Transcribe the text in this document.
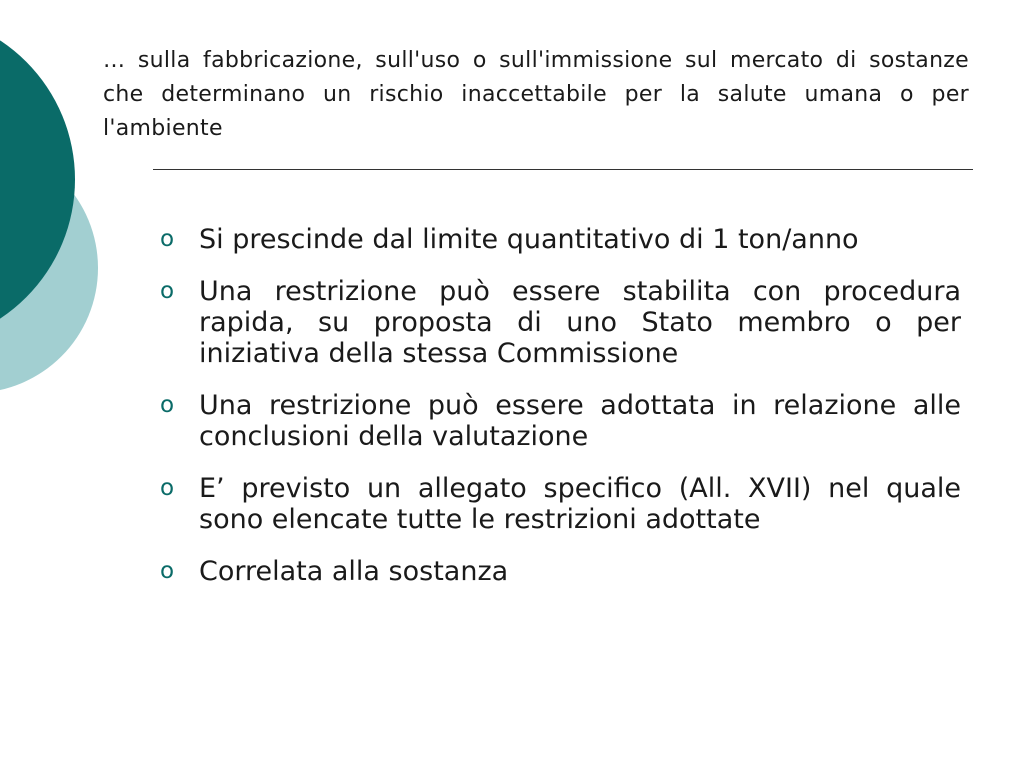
… sulla fabbricazione, sull'uso o sull'immissione sul mercato di sostanze che determinano un rischio inaccettabile per la salute umana o per l'ambiente
o Si prescinde dal limite quantitativo di 1 ton/anno
o Una restrizione può essere stabilita con procedura rapida, su proposta di uno Stato membro o per iniziativa della stessa Commissione
o Una restrizione può essere adottata in relazione alle conclusioni della valutazione
o E’ previsto un allegato specifico (All. XVII) nel quale sono elencate tutte le restrizioni adottate
o Correlata alla sostanza
